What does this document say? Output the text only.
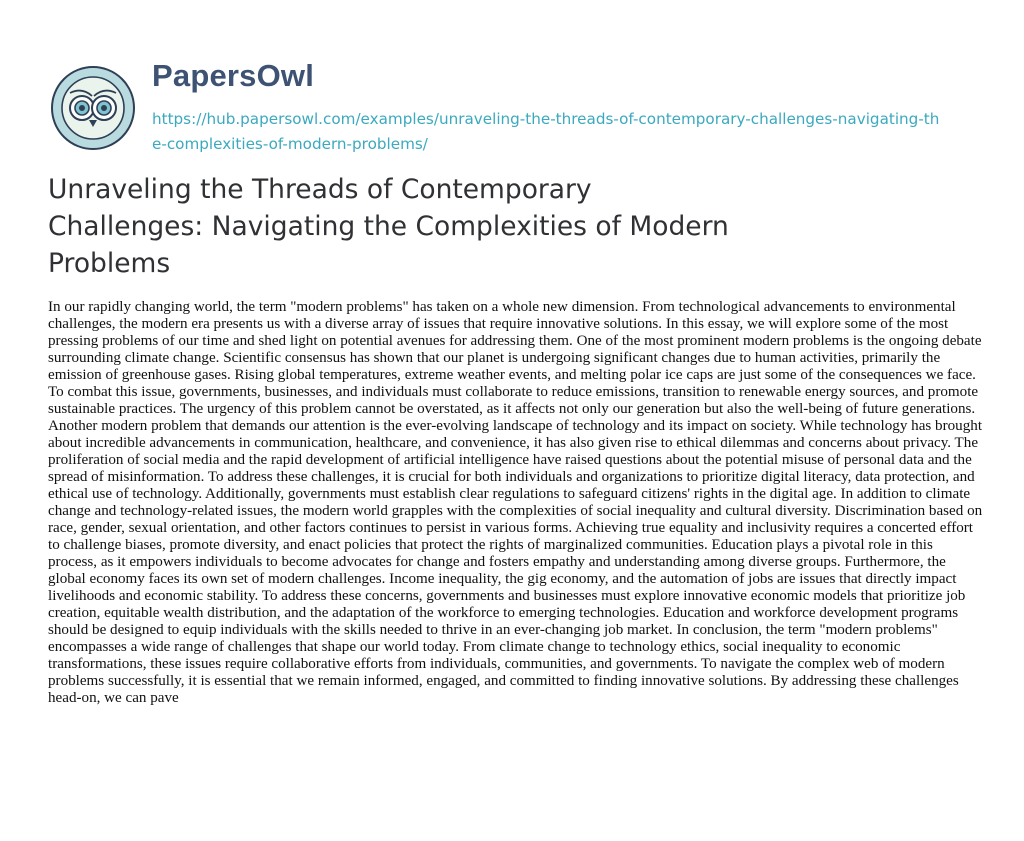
PapersOwl
https://hub.papersowl.com/examples/unraveling-the-threads-of-contemporary-challenges-navigating-the-complexities-of-modern-problems/
Unraveling the Threads of Contemporary Challenges: Navigating the Complexities of Modern Problems

In our rapidly changing world, the term "modern problems" has taken on a whole new dimension. From technological advancements to environmental challenges, the modern era presents us with a diverse array of issues that require innovative solutions. In this essay, we will explore some of the most pressing problems of our time and shed light on potential avenues for addressing them. One of the most prominent modern problems is the ongoing debate surrounding climate change. Scientific consensus has shown that our planet is undergoing significant changes due to human activities, primarily the emission of greenhouse gases. Rising global temperatures, extreme weather events, and melting polar ice caps are just some of the consequences we face. To combat this issue, governments, businesses, and individuals must collaborate to reduce emissions, transition to renewable energy sources, and promote sustainable practices. The urgency of this problem cannot be overstated, as it affects not only our generation but also the well-being of future generations. Another modern problem that demands our attention is the ever-evolving landscape of technology and its impact on society. While technology has brought about incredible advancements in communication, healthcare, and convenience, it has also given rise to ethical dilemmas and concerns about privacy. The proliferation of social media and the rapid development of artificial intelligence have raised questions about the potential misuse of personal data and the spread of misinformation. To address these challenges, it is crucial for both individuals and organizations to prioritize digital literacy, data protection, and ethical use of technology. Additionally, governments must establish clear regulations to safeguard citizens' rights in the digital age. In addition to climate change and technology-related issues, the modern world grapples with the complexities of social inequality and cultural diversity. Discrimination based on race, gender, sexual orientation, and other factors continues to persist in various forms. Achieving true equality and inclusivity requires a concerted effort to challenge biases, promote diversity, and enact policies that protect the rights of marginalized communities. Education plays a pivotal role in this process, as it empowers individuals to become advocates for change and fosters empathy and understanding among diverse groups. Furthermore, the global economy faces its own set of modern challenges. Income inequality, the gig economy, and the automation of jobs are issues that directly impact livelihoods and economic stability. To address these concerns, governments and businesses must explore innovative economic models that prioritize job creation, equitable wealth distribution, and the adaptation of the workforce to emerging technologies. Education and workforce development programs should be designed to equip individuals with the skills needed to thrive in an ever-changing job market. In conclusion, the term "modern problems" encompasses a wide range of challenges that shape our world today. From climate change to technology ethics, social inequality to economic transformations, these issues require collaborative efforts from individuals, communities, and governments. To navigate the complex web of modern problems successfully, it is essential that we remain informed, engaged, and committed to finding innovative solutions. By addressing these challenges head-on, we can pave
